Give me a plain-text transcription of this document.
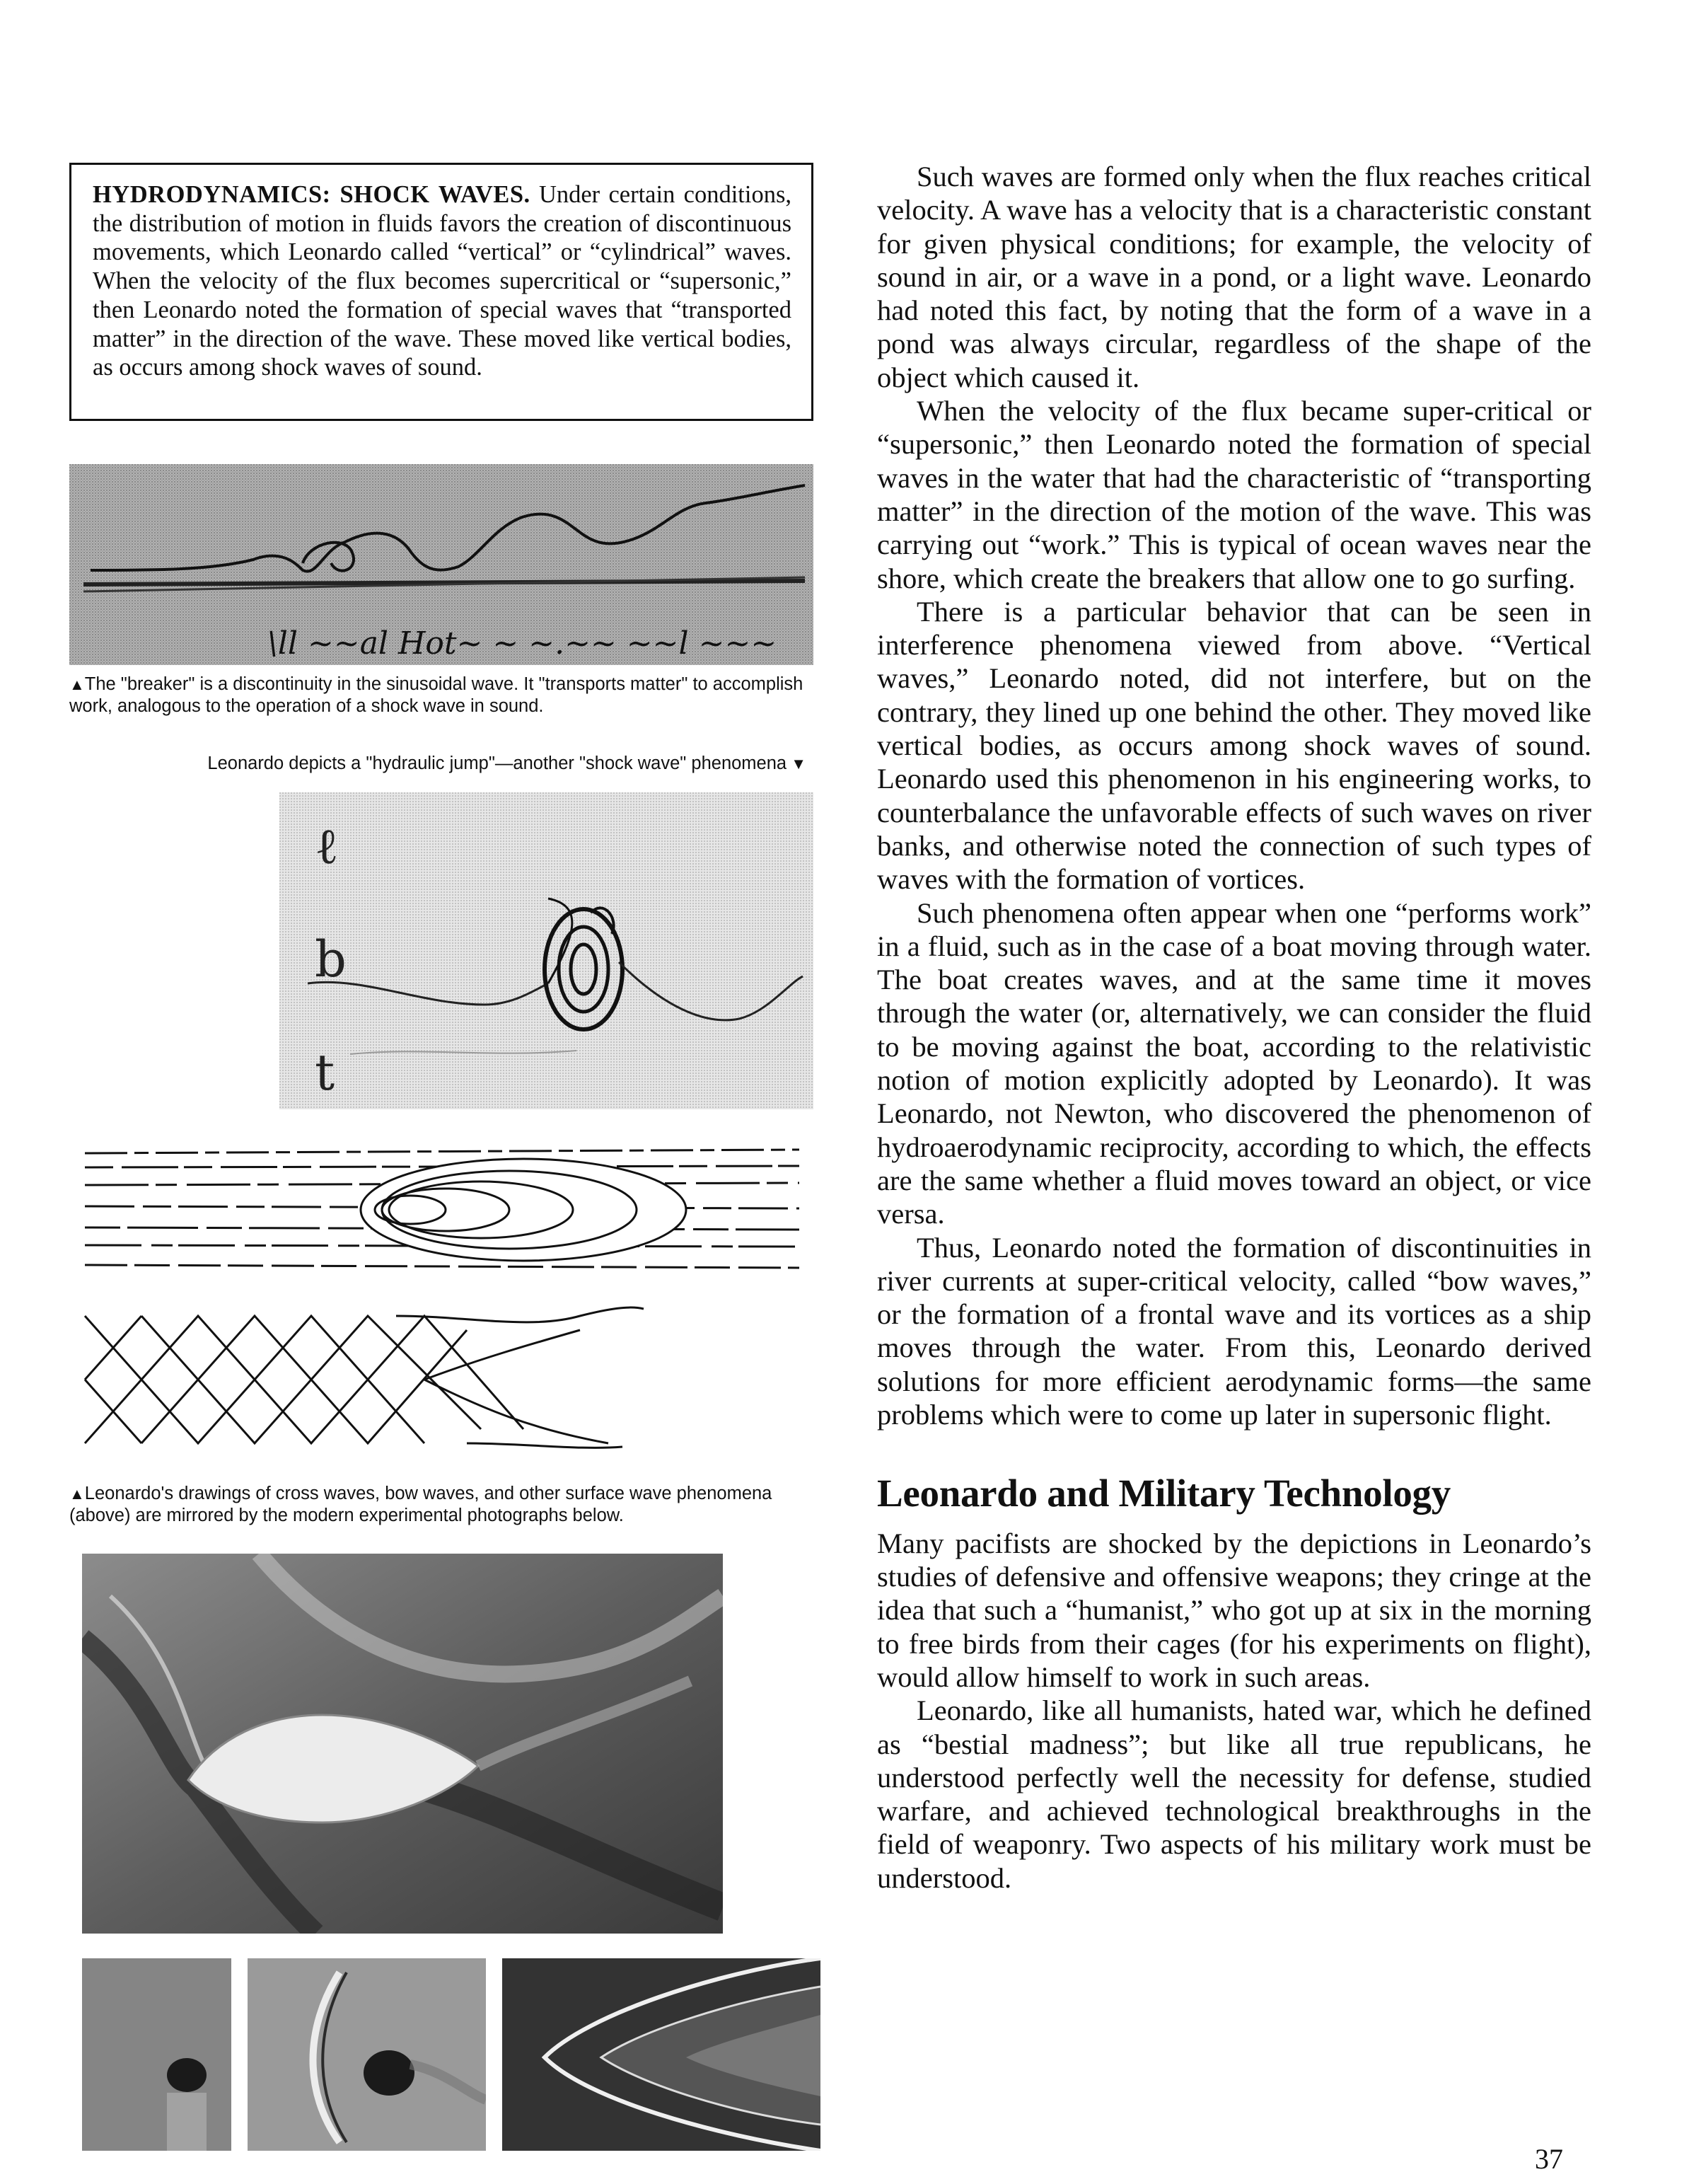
HYDRODYNAMICS: SHOCK WAVES. Under certain conditions, the distribution of motion in fluids favors the creation of discontinuous movements, which Leonardo called “vertical” or “cylindrical” waves. When the velocity of the flux becomes supercritical or “supersonic,” then Leonardo noted the formation of special waves that “transported matter” in the direction of the wave. These moved like vertical bodies, as occurs among shock waves of sound.
\ll ~~al Hot~ ~ ~.~~ ~~l ~~~
▲The "breaker" is a discontinuity in the sinusoidal wave. It "transports matter" to accomplish work, analogous to the operation of a shock wave in sound.
Leonardo depicts a "hydraulic jump"—another "shock wave" phenomena ▼
ℓ
b
t
▲Leonardo's drawings of cross waves, bow waves, and other surface wave phenomena (above) are mirrored by the modern experimental photographs below.

Such waves are formed only when the flux reaches critical velocity. A wave has a velocity that is a characteristic constant for given physical conditions; for example, the velocity of sound in air, or a wave in a pond, or a light wave. Leonardo had noted this fact, by noting that the form of a wave in a pond was always circular, regardless of the shape of the object which caused it.

When the velocity of the flux became super-critical or “supersonic,” then Leonardo noted the formation of special waves in the water that had the characteristic of “transporting matter” in the direction of the motion of the wave. This was carrying out “work.” This is typical of ocean waves near the shore, which create the breakers that allow one to go surfing.

There is a particular behavior that can be seen in interference phenomena viewed from above. “Vertical waves,” Leonardo noted, did not interfere, but on the contrary, they lined up one behind the other. They moved like vertical bodies, as occurs among shock waves of sound. Leonardo used this phenomenon in his engineering works, to counterbalance the unfavorable effects of such waves on river banks, and otherwise noted the connection of such types of waves with the formation of vortices.

Such phenomena often appear when one “performs work” in a fluid, such as in the case of a boat moving through water. The boat creates waves, and at the same time it moves through the water (or, alternatively, we can consider the fluid to be moving against the boat, according to the relativistic notion of motion explicitly adopted by Leonardo). It was Leonardo, not Newton, who discovered the phenomenon of hydroaerodynamic reciprocity, according to which, the effects are the same whether a fluid moves toward an object, or vice versa.

Thus, Leonardo noted the formation of discontinuities in river currents at super-critical velocity, called “bow waves,” or the formation of a frontal wave and its vortices as a ship moves through the water. From this, Leonardo derived solutions for more efficient aerodynamic forms—the same problems which were to come up later in supersonic flight.

Leonardo and Military Technology

Many pacifists are shocked by the depictions in Leonardo’s studies of defensive and offensive weapons; they cringe at the idea that such a “humanist,” who got up at six in the morning to free birds from their cages (for his experiments on flight), would allow himself to work in such areas.

Leonardo, like all humanists, hated war, which he defined as “bestial madness”; but like all true republicans, he understood perfectly well the necessity for defense, studied warfare, and achieved technological breakthroughs in the field of weaponry. Two aspects of his military work must be understood.

37
